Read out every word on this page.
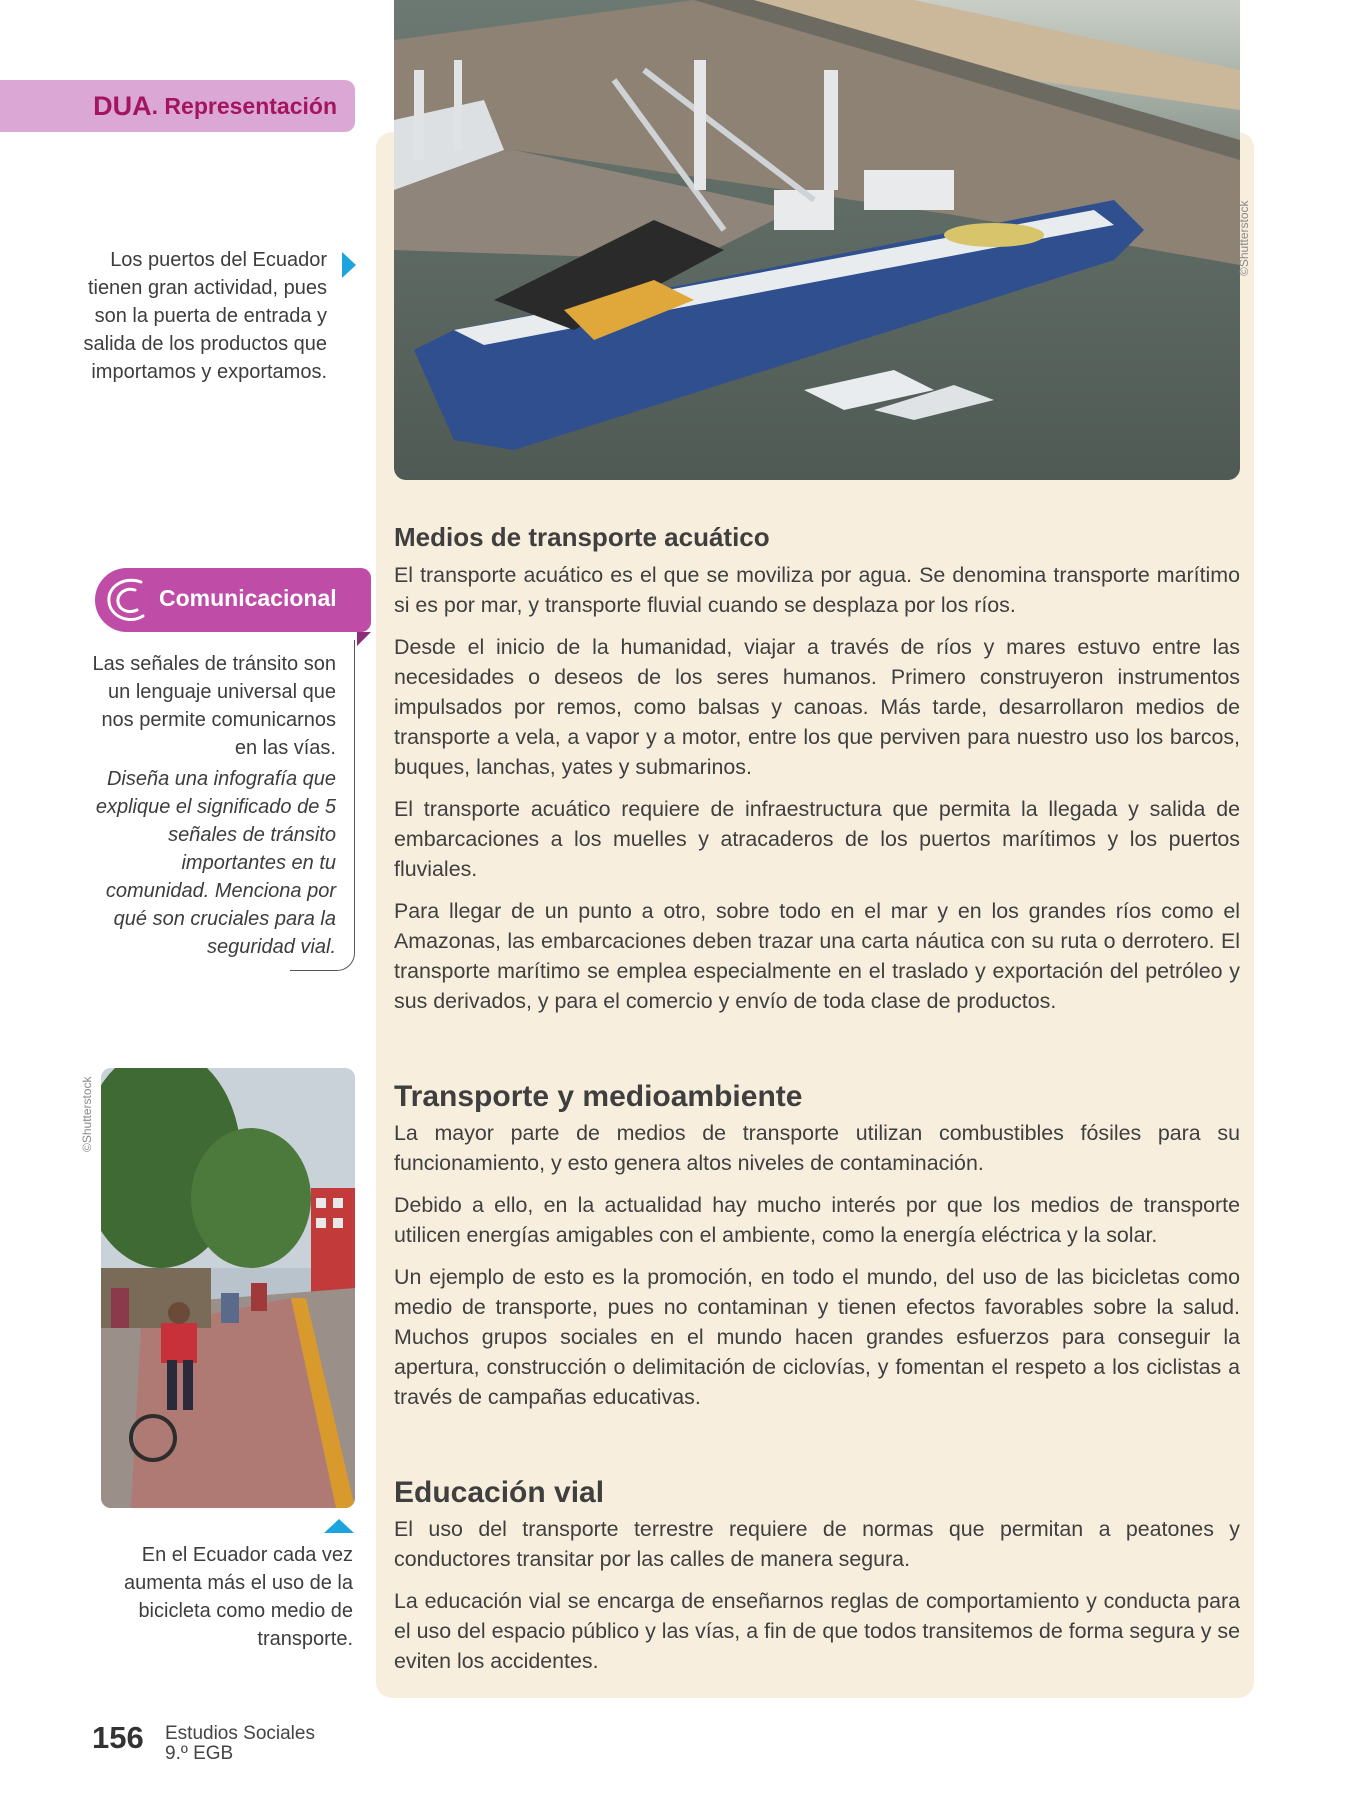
©Shutterstock
DUA . Representación
Los puertos del Ecuador tienen gran actividad, pues son la puerta de entrada y salida de los productos que importamos y exportamos.
Comunicacional
Las señales de tránsito son un lenguaje universal que nos permite comunicarnos en las vías.
Diseña una infografía que explique el significado de 5 señales de tránsito importantes en tu comunidad. Menciona por qué son cruciales para la seguridad vial.
©Shutterstock
En el Ecuador cada vez aumenta más el uso de la bicicleta como medio de transporte.
Medios de transporte acuático

El transporte acuático es el que se moviliza por agua. Se denomina transporte marítimo si es por mar, y transporte fluvial cuando se desplaza por los ríos.

Desde el inicio de la humanidad, viajar a través de ríos y mares estuvo entre las necesidades o deseos de los seres humanos. Primero construyeron instrumentos impulsados por remos, como balsas y canoas. Más tarde, desarrollaron medios de transporte a vela, a vapor y a motor, entre los que perviven para nuestro uso los barcos, buques, lanchas, yates y submarinos.

El transporte acuático requiere de infraestructura que permita la llegada y salida de embarcaciones a los muelles y atracaderos de los puertos marítimos y los puertos fluviales.

Para llegar de un punto a otro, sobre todo en el mar y en los grandes ríos como el Amazonas, las embarcaciones deben trazar una carta náutica con su ruta o derrotero. El transporte marítimo se emplea especialmente en el traslado y exportación del petróleo y sus derivados, y para el comercio y envío de toda clase de productos.

Transporte y medioambiente

La mayor parte de medios de transporte utilizan combustibles fósiles para su funcionamiento, y esto genera altos niveles de contaminación.

Debido a ello, en la actualidad hay mucho interés por que los medios de transporte utilicen energías amigables con el ambiente, como la energía eléctrica y la solar.

Un ejemplo de esto es la promoción, en todo el mundo, del uso de las bicicletas como medio de transporte, pues no contaminan y tienen efectos favorables sobre la salud. Muchos grupos sociales en el mundo hacen grandes esfuerzos para conseguir la apertura, construcción o delimitación de ciclovías, y fomentan el respeto a los ciclistas a través de campañas educativas.

Educación vial

El uso del transporte terrestre requiere de normas que permitan a peatones y conductores transitar por las calles de manera segura.

La educación vial se encarga de enseñarnos reglas de comportamiento y conducta para el uso del espacio público y las vías, a fin de que todos transitemos de forma segura y se eviten los accidentes.

156 Estudios Sociales
9.º EGB
